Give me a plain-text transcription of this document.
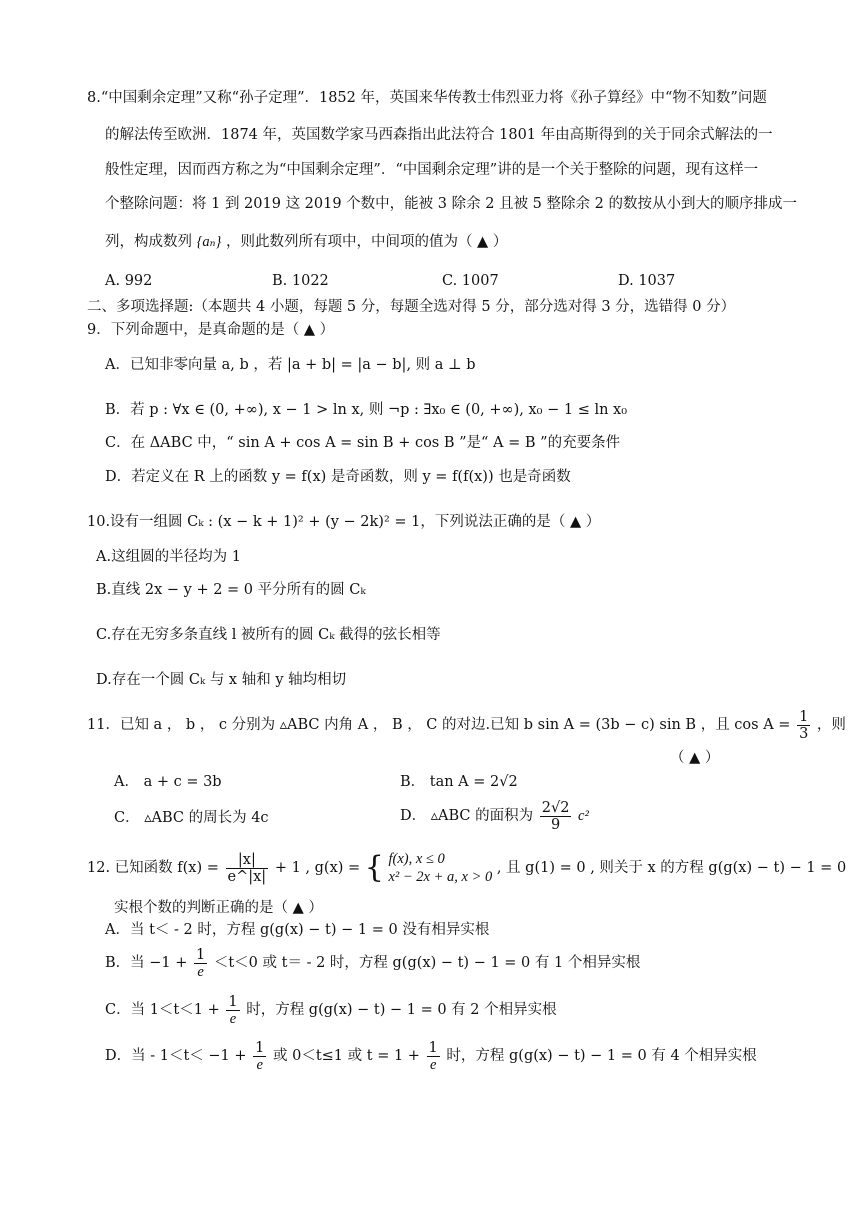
8.“中国剩余定理”又称“孙子定理”．1852 年，英国来华传教士伟烈亚力将《孙子算经》中“物不知数”问题
的解法传至欧洲．1874 年，英国数学家马西森指出此法符合 1801 年由高斯得到的关于同余式解法的一
般性定理，因而西方称之为“中国剩余定理”．“中国剩余定理”讲的是一个关于整除的问题，现有这样一
个整除问题：将 1 到 2019 这 2019 个数中，能被 3 除余 2 且被 5 整除余 2 的数按从小到大的顺序排成一
列，构成数列 {aₙ} ，则此数列所有项中，中间项的值为（ ▲ ）
A. 992	B. 1022	C. 1007	D. 1037
二、多项选择题:（本题共 4 小题，每题 5 分，每题全选对得 5 分，部分选对得 3 分，选错得 0 分）
9．下列命题中，是真命题的是（ ▲ ）
A．已知非零向量 a, b ，若 |a + b| = |a − b|, 则 a ⊥ b
B．若 p : ∀x ∈ (0, +∞), x − 1 > ln x, 则 ¬p : ∃x₀ ∈ (0, +∞), x₀ − 1 ≤ ln x₀
C．在 ΔABC 中，“ sin A + cos A = sin B + cos B ”是“ A = B ”的充要条件
D．若定义在 R 上的函数 y = f(x) 是奇函数，则 y = f(f(x)) 也是奇函数
10.设有一组圆 Cₖ : (x − k + 1)² + (y − 2k)² = 1，下列说法正确的是（ ▲ ）
A.这组圆的半径均为 1
B.直线 2x − y + 2 = 0 平分所有的圆 Cₖ
C.存在无穷多条直线 l 被所有的圆 Cₖ 截得的弦长相等
D.存在一个圆 Cₖ 与 x 轴和 y 轴均相切
11．已知 a ， b ， c 分别为 ▵ABC 内角 A ， B ， C 的对边.已知 b sin A = (3b − c) sin B ，且 $\cos A = \frac{1}{3}$ ，则
（ ▲ ）
A． a + c = 3b	B． tan A = 2√2
C． ▵ABC 的周长为 4c	D． ▵ABC 的面积为 $\frac{2√2}{9} c^2$
12. 已知函数 $f(x) = \frac{|x|}{e\^{}|x|} + 1$ , g(x) = { f(x), x ≤ 0
x² − 2x + a, x > 0
, 且 g(1) = 0 , 则关于 x 的方程 g(g(x) − t) − 1 = 0
实根个数的判断正确的是（ ▲ ）
A．当 t＜ - 2 时，方程 g(g(x) − t) − 1 = 0 没有相异实根
B．当 $-1 + \frac{1}{e} <t<0$ 或 t＝ - 2 时，方程 g(g(x) − t) − 1 = 0 有 1 个相异实根
C．当 $1<t<1 + \frac{1}{e}$ 时，方程 g(g(x) − t) − 1 = 0 有 2 个相异实根
D．当 - $1<t< -1 + \frac{1}{e}$ 或 0＜t≤1 或 $t = 1 + \frac{1}{e}$ 时，方程 g(g(x) − t) − 1 = 0 有 4 个相异实根
